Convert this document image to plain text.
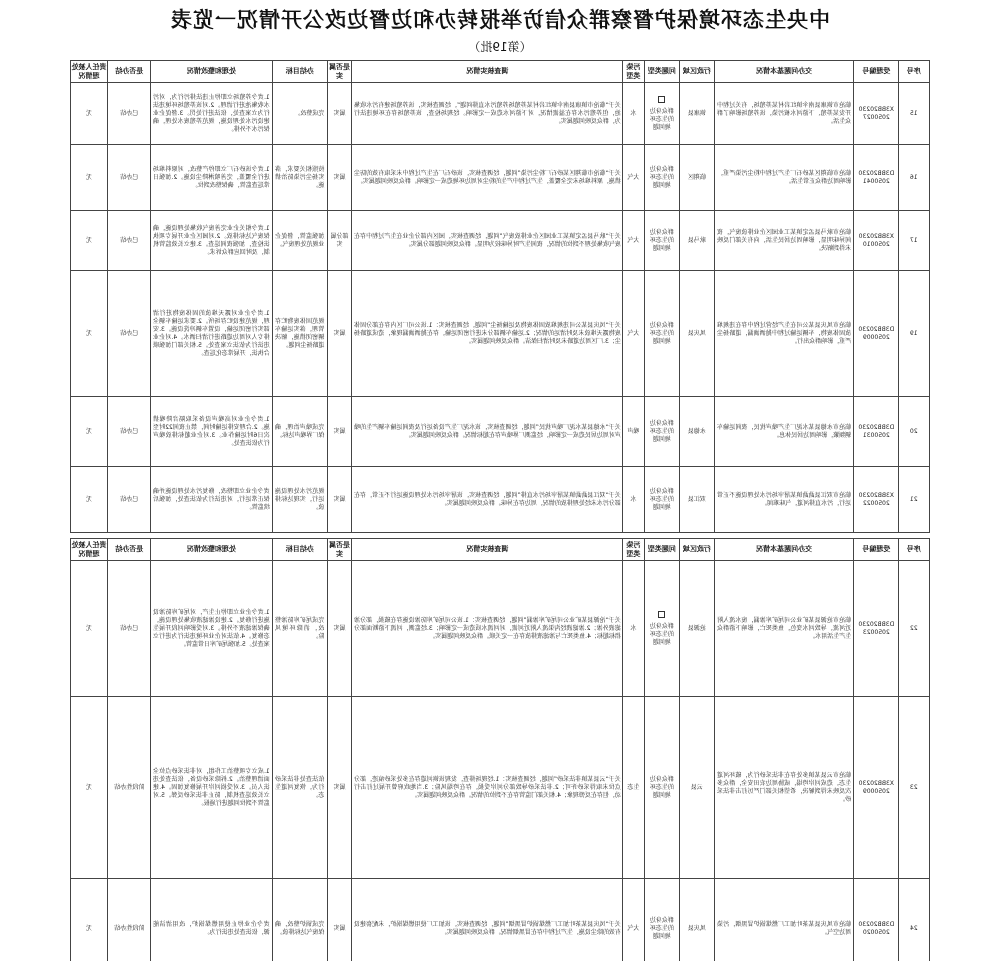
中央生态环境保护督察群众信访举报转办和边督边改公开情况一览表
（第19批）
责任人被处理情况	是否办结	处理和整改情况	办结目标	是否属实	调查核实情况	污染类型	问题类型	行政区域	交办问题基本情况	受理编号	序号

无	已办结	1.责令养殖场立即停止违法排污行为，对污水收集池进行清理。2.对该养殖场环境违法行为立案查处，依法进行处罚。3.督促企业建设污水处理设施，规范养殖废水处理，确保污水不外排。	完成整改。	属实	关于“临沧市镇康县南伞镇红岩村某养殖场养殖污水直排问题”，经调查核实，该养殖场建有污水收集池，但养殖污水存在溢流情况，对下游河水造成一定影响。经现场检查，该养殖场存在环境违法行为，群众反映问题属实。	水	群众身边的生态环境问题	镇康县	临沧市镇康县南伞镇红岩村某养殖场，有关过程中开发某养殖、下游河水被污染，该养殖场影响了群众生活。	X3BB20230 2050027	15

无	已办结	1.责令该砂石厂立即停产整改，对原料堆场进行全覆盖，完善喷淋降尘设施。2.加强日常巡查监管，确保整改到位。	按照相关要求，落实扬尘污染防治措施。	属实	关于“临沧市临翔区某砂石厂粉尘污染”问题，经调查核实，该砂石厂在生产过程中未采取有效的防尘措施，原料堆场未完全覆盖，生产过程中产生的粉尘对周边环境造成一定影响。群众反映问题属实。	大气	群众身边的生态环境问题	临翔区	临沧市临翔区某砂石厂生产过程中粉尘污染严重，影响周边群众正常生活。	D3BB20230 2050041	16

无	已办结	1.责令相关企业完善废气收集处理设施，确保废气达标排放。2.对园区企业开展专项执法检查，加强夜间巡查。3.建立长效监管机制，及时回应群众诉求。	加强监管，督促企业规范处理废气。	部分属实	关于“耿马县孟定镇某工业园区企业排放废气”问题，经调查核实，园区内部分企业在生产过程中存在废气收集处理不到位的情况，夜间生产时异味较为明显。群众反映问题部分属实。	大气	群众身边的生态环境问题	耿马县	临沧市耿马县孟定镇某工业园区企业排放废气，夜间异味明显，影响周边居民生活，向有关部门反映未得到解决。	X3BB20230 2050010	17

无	已办结	1.责令企业对露天堆放的固体废物进行清理，规范建设贮存场所。2.要求运输车辆全部实行密闭运输，设置车辆冲洗设施。3.安排专人对周边道路进行清扫洒水。4.对企业违法行为依法立案查处。5.相关部门加强联合执法，开展常态化巡查。	规范固体废物贮存管理，落实运输车辆密闭措施，解决道路扬尘问题。	属实	关于“凤庆县某公司违规堆放固体废物及运输扬尘”问题，经调查核实：1.该公司厂区内存在部分固体废物露天堆放未及时清运的情况；2.运输车辆部分未进行密闭运输，存在抛洒滴漏现象，造成道路扬尘；3.厂区周边道路未及时清扫保洁。群众反映问题属实。	大气	群众身边的生态环境问题	凤庆县	临沧市凤庆县某公司在生产经营过程中存在违规堆放固体废物，车辆运输过程中抛洒滴漏，道路扬尘严重，影响群众出行。	D3BB20230 2050009	19

无	已办结	1.责令企业对高噪声设备采取隔音降噪措施。2.合理安排运输时间，禁止夜间22时至次日6时运输作业。3.对企业超标排放噪声行为依法查处。	完成噪声治理，确保厂界噪声达标。	属实	关于“永德县某水泥厂噪声扰民”问题，经调查核实，该水泥厂生产设备运行及夜间运输车辆产生的噪声对周边居民造成一定影响，经监测厂界噪声存在超标情况。群众反映问题属实。	噪声	群众身边的生态环境问题	永德县	临沧市永德县某水泥厂生产噪声扰民，夜间运输车辆频繁，影响周边居民休息。	D3BB20230 2050031	20

无	已办结	责令企业立即整改，修复污水处理设施并确保正常运行，对违法行为依法查处，加强后续监管。	规范污水处理设施运行，实现达标排放。	属实	关于“双江县勐勐镇某屠宰场污水直排”问题，经调查核实，该屠宰场污水处理设施运行不正常，存在部分污水未经处理排放的情况，周边存在异味。群众反映问题属实。	水	群众身边的生态环境问题	双江县	临沧市双江县勐勐镇某屠宰场污水处理设施不正常运行，污水直排河道，气味难闻。	X3BB20230 2050022	21
责任人被处理情况	是否办结	处理和整改情况	办结目标	是否属实	调查核实情况	污染类型	问题类型	行政区域	交办问题基本情况	受理编号	序号

无	已办结	1.责令企业立即停止生产，对尾矿库防渗设施进行修复。2.建设渗滤液收集处理设施，确保渗滤液不外排。3.对受影响河段开展生态修复。4.依法对企业环境违法行为进行立案查处。5.加强尾矿库日常监管。	完成尾矿库防渗整改，消除环境风险。	属实	关于“沧源县某矿业公司尾矿库渗漏”问题，经调查核实：1.该公司尾矿库防渗设施存在破损，部分渗滤液外渗；2.渗滤液经沟渠流入附近河流，对河流水质造成一定影响；3.经监测，河流下游断面部分指标超标；4.鱼类死亡与渗滤液排放存在一定关联。群众反映问题属实。	水	群众身边的生态环境问题	沧源县	临沧市沧源县某矿业公司尾矿库渗漏，废水流入附近河流，导致河水变色，鱼类死亡，影响下游群众生产生活用水。	D3BB20230 2050023	22

无	阶段性办结	1.成立专项整治工作组，对非法采砂点位全面清理整治。2.拆除采砂设备，依法查处违法人员。3.对受损河岸开展修复加固。4.建立长效巡查机制，防止非法采砂反弹。5.对监管不到位问题进行通报。	依法查处非法采砂行为，恢复河道生态。	属实	关于“云县某镇非法采砂”问题，经调查核实：1.经现场排查，发现该镇河道存在多处采砂痕迹，部分点位未取得采砂许可；2.非法采砂导致部分河岸受损，存在垮塌风险；3.当地政府曾开展过打击行动，但存在反弹现象；4.相关部门监管存在不到位的情况。群众反映问题属实。	生态	群众身边的生态环境问题	云县	临沧市云县某镇多处存在非法采砂行为，破坏河道生态，造成河岸垮塌，威胁周边农田安全，群众多次反映未得到解决，希望相关部门严厉打击非法采砂。	X3BB20230 2050009	23

无	阶段性办结	责令企业停止使用燃煤锅炉，改用清洁能源，依法查处违法行为。	完成锅炉整改，确保废气达标排放。	属实	关于“凤庆县某茶叶加工厂燃煤锅炉冒黑烟”问题，经调查核实，该加工厂使用燃煤锅炉，未配套建设有效的除尘设施，生产过程中存在冒黑烟情况。群众反映问题属实。	大气	群众身边的生态环境问题	凤庆县	临沧市凤庆县某茶叶加工厂燃煤锅炉冒黑烟，污染周边空气。	D3BB20230 2050020	24
